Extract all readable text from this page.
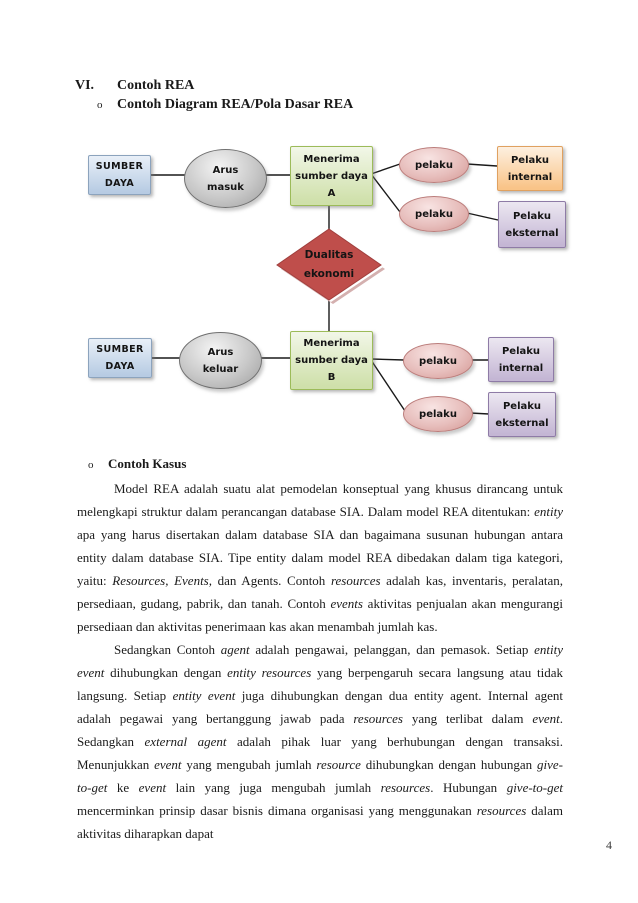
VI.	Contoh REA
o	Contoh Diagram REA/Pola Dasar REA
SUMBER
DAYA
Arus
masuk
Menerima
sumber daya
A
pelaku
pelaku
Pelaku
internal
Pelaku
eksternal
Dualitas
ekonomi
SUMBER
DAYA
Arus
keluar
Menerima
sumber daya
B
pelaku
Pelaku
internal
pelaku
Pelaku
eksternal
o	Contoh Kasus

Model REA adalah suatu alat pemodelan konseptual yang khusus dirancang untuk melengkapi struktur dalam perancangan database SIA. Dalam model REA ditentukan: entity apa yang harus disertakan dalam database SIA dan bagaimana susunan hubungan antara entity dalam database SIA. Tipe entity dalam model REA dibedakan dalam tiga kategori, yaitu: Resources, Events, dan Agents. Contoh resources adalah kas, inventaris, peralatan, persediaan, gudang, pabrik, dan tanah. Contoh events aktivitas penjualan akan mengurangi persediaan dan aktivitas penerimaan kas akan menambah jumlah kas.

Sedangkan Contoh agent adalah pengawai, pelanggan, dan pemasok. Setiap entity event dihubungkan dengan entity resources yang berpengaruh secara langsung atau tidak langsung. Setiap entity event juga dihubungkan dengan dua entity agent. Internal agent adalah pegawai yang bertanggung jawab pada resources yang terlibat dalam event. Sedangkan external agent adalah pihak luar yang berhubungan dengan transaksi. Menunjukkan event yang mengubah jumlah resource dihubungkan dengan hubungan give-to-get ke event lain yang juga mengubah jumlah resources. Hubungan give-to-get mencerminkan prinsip dasar bisnis dimana organisasi yang menggunakan resources dalam aktivitas diharapkan dapat

4
